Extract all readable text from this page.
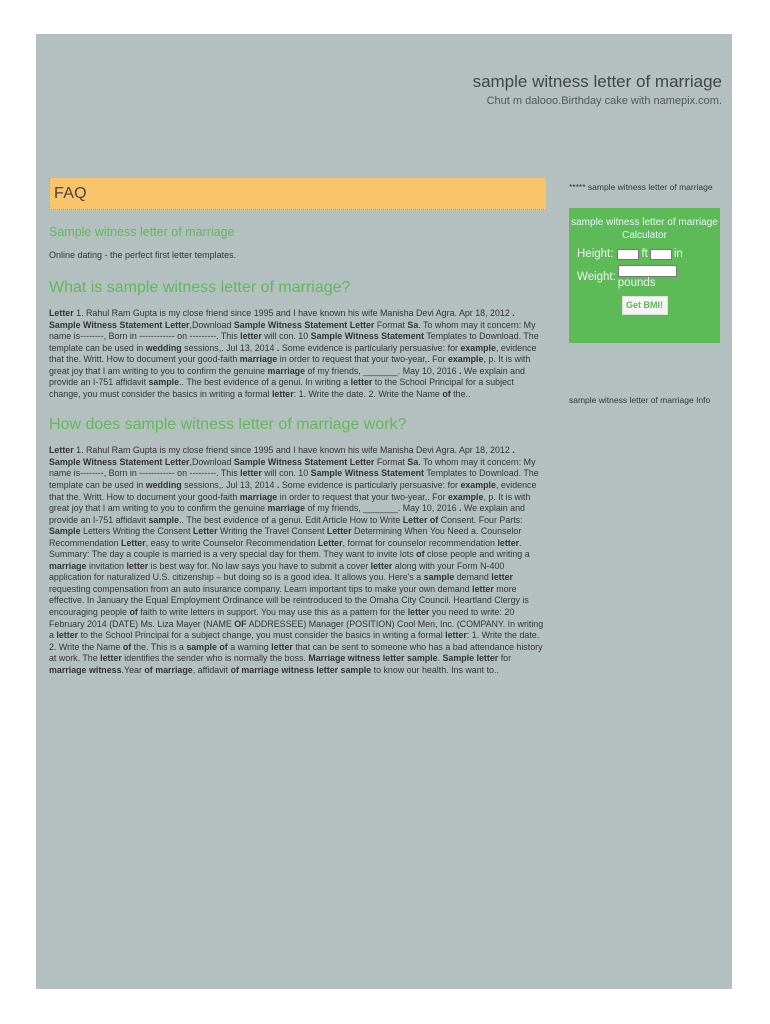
sample witness letter of marriage
Chut m dalooo.Birthday cake with namepix.com.
FAQ
Sample witness letter of marriage
Online dating - the perfect first letter templates.
What is sample witness letter of marriage?
Letter 1. Rahul Ram Gupta is my close friend since 1995 and I have known his wife Manisha Devi Agra. Apr 18, 2012 . Sample Witness Statement Letter,Download Sample Witness Statement Letter Format Sa. To whom may it concern: My name is--------, Born in ------------ on ---------. This letter will con. 10 Sample Witness Statement Templates to Download. The template can be used in wedding sessions,. Jul 13, 2014 . Some evidence is particularly persuasive: for example, evidence that the. Writt. How to document your good-faith marriage in order to request that your two-year,. For example, p. It is with great joy that I am writing to you to confirm the genuine marriage of my friends, _______. May 10, 2016 . We explain and provide an I-751 affidavit sample.. The best evidence of a genui. In writing a letter to the School Principal for a subject change, you must consider the basics in writing a formal letter: 1. Write the date. 2. Write the Name of the..
How does sample witness letter of marriage work?
Letter 1. Rahul Ram Gupta is my close friend since 1995 and I have known his wife Manisha Devi Agra. Apr 18, 2012 . Sample Witness Statement Letter,Download Sample Witness Statement Letter Format Sa. To whom may it concern: My name is--------, Born in ------------ on ---------. This letter will con. 10 Sample Witness Statement Templates to Download. The template can be used in wedding sessions,. Jul 13, 2014 . Some evidence is particularly persuasive: for example, evidence that the. Writt. How to document your good-faith marriage in order to request that your two-year,. For example, p. It is with great joy that I am writing to you to confirm the genuine marriage of my friends, _______. May 10, 2016 . We explain and provide an I-751 affidavit sample.. The best evidence of a genui. Edit Article How to Write Letter of Consent. Four Parts: Sample Letters Writing the Consent Letter Writing the Travel Consent Letter Determining When You Need a. Counselor Recommendation Letter, easy to write Counselor Recommendation Letter, format for counselor recommendation letter. Summary: The day a couple is married is a very special day for them. They want to invite lots of close people and writing a marriage invitation letter is best way for. No law says you have to submit a cover letter along with your Form N-400 application for naturalized U.S. citizenship – but doing so is a good idea. It allows you. Here's a sample demand letter requesting compensation from an auto insurance company. Learn important tips to make your own demand letter more effective. In January the Equal Employment Ordinance will be reintroduced to the Omaha City Council. Heartland Clergy is encouraging people of faith to write letters in support. You may use this as a pattern for the letter you need to write: 20 February 2014 (DATE) Ms. Liza Mayer (NAME OF ADDRESSEE) Manager (POSITION) Cool Men, Inc. (COMPANY. In writing a letter to the School Principal for a subject change, you must consider the basics in writing a formal letter: 1. Write the date. 2. Write the Name of the. This is a sample of a warning letter that can be sent to someone who has a bad attendance history at work. The letter identifies the sender who is normally the boss. Marriage witness letter sample. Sample letter for marriage witness.Year of marriage, affidavit of marriage witness letter sample to know our health. Ins want to..
***** sample witness letter of marriage
sample witness letter of marriage Calculator
Height: ft in
Weight: pounds
Get BMI!
sample witness letter of marriage Info
